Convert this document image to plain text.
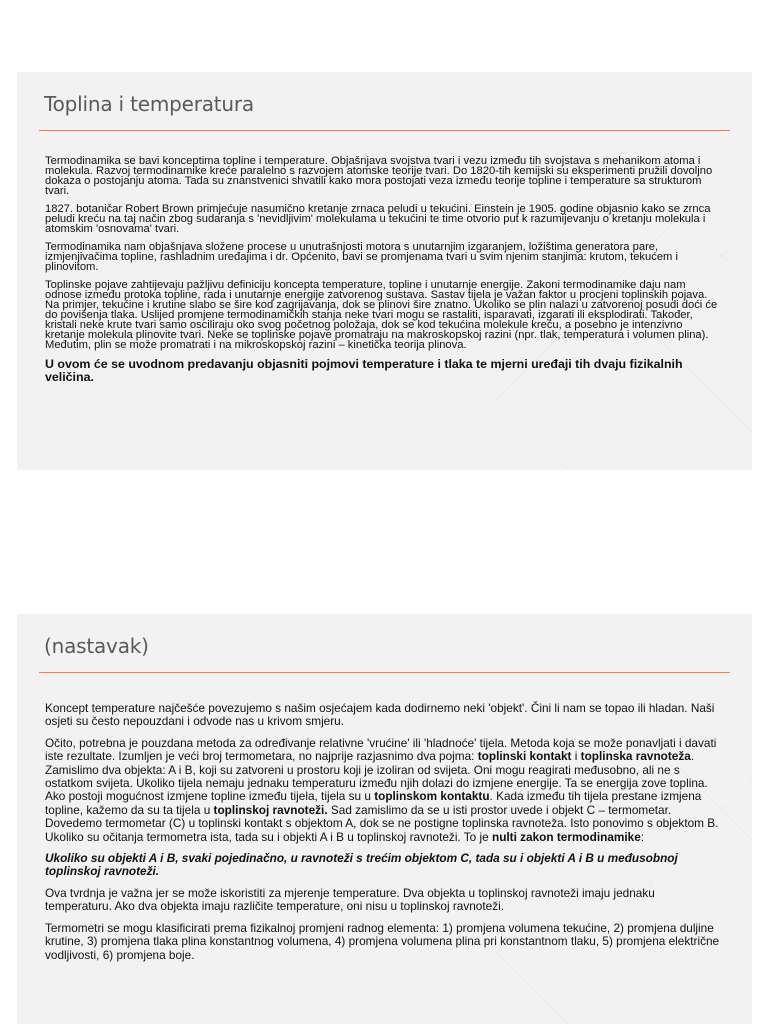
Toplina i temperatura

Termodinamika se bavi konceptima topline i temperature. Objašnjava svojstva tvari i vezu između tih svojstava s mehanikom atoma i molekula. Razvoj termodinamike kreće paralelno s razvojem atomske teorije tvari. Do 1820-tih kemijski su eksperimenti pružili dovoljno dokaza o postojanju atoma. Tada su znanstvenici shvatili kako mora postojati veza između teorije topline i temperature sa strukturom tvari.

1827. botaničar Robert Brown primjećuje nasumično kretanje zrnaca peludi u tekućini. Einstein je 1905. godine objasnio kako se zrnca peludi kreću na taj način zbog sudaranja s 'nevidljivim' molekulama u tekućini te time otvorio put k razumijevanju o kretanju molekula i atomskim 'osnovama' tvari.

Termodinamika nam objašnjava složene procese u unutrašnjosti motora s unutarnjim izgaranjem, ložištima generatora pare, izmjenjivačima topline, rashladnim uređajima i dr. Općenito, bavi se promjenama tvari u svim njenim stanjima: krutom, tekućem i plinovitom.

Toplinske pojave zahtijevaju pažljivu definiciju koncepta temperature, topline i unutarnje energije. Zakoni termodinamike daju nam odnose između protoka topline, rada i unutarnje energije zatvorenog sustava. Sastav tijela je važan faktor u procjeni toplinskih pojava. Na primjer, tekućine i krutine slabo se šire kod zagrijavanja, dok se plinovi šire znatno. Ukoliko se plin nalazi u zatvorenoj posudi doći će do povišenja tlaka. Uslijed promjene termodinamičkih stanja neke tvari mogu se rastaliti, isparavati, izgarati ili eksplodirati. Također, kristali neke krute tvari samo osciliraju oko svog početnog položaja, dok se kod tekućina molekule kreću, a posebno je intenzivno kretanje molekula plinovite tvari. Neke se toplinske pojave promatraju na makroskopskoj razini (npr. tlak, temperatura i volumen plina). Međutim, plin se može promatrati i na mikroskopskoj razini – kinetička teorija plinova.

U ovom će se uvodnom predavanju objasniti pojmovi temperature i tlaka te mjerni uređaji tih dvaju fizikalnih veličina.

(nastavak)

Koncept temperature najčešće povezujemo s našim osjećajem kada dodirnemo neki 'objekt'. Čini li nam se topao ili hladan. Naši osjeti su često nepouzdani i odvode nas u krivom smjeru.

Očito, potrebna je pouzdana metoda za određivanje relativne 'vrućine' ili 'hladnoće' tijela. Metoda koja se može ponavljati i davati iste rezultate. Izumljen je veći broj termometara, no najprije razjasnimo dva pojma: toplinski kontakt i toplinska ravnoteža. Zamislimo dva objekta: A i B, koji su zatvoreni u prostoru koji je izoliran od svijeta. Oni mogu reagirati međusobno, ali ne s ostatkom svijeta. Ukoliko tijela nemaju jednaku temperaturu između njih dolazi do izmjene energije. Ta se energija zove toplina. Ako postoji mogućnost izmjene topline između tijela, tijela su u toplinskom kontaktu. Kada između tih tijela prestane izmjena topline, kažemo da su ta tijela u toplinskoj ravnoteži. Sad zamislimo da se u isti prostor uvede i objekt C – termometar. Dovedemo termometar (C) u toplinski kontakt s objektom A, dok se ne postigne toplinska ravnoteža. Isto ponovimo s objektom B. Ukoliko su očitanja termometra ista, tada su i objekti A i B u toplinskoj ravnoteži. To je nulti zakon termodinamike:

Ukoliko su objekti A i B, svaki pojedinačno, u ravnoteži s trećim objektom C, tada su i objekti A i B u međusobnoj toplinskoj ravnoteži.

Ova tvrdnja je važna jer se može iskoristiti za mjerenje temperature. Dva objekta u toplinskoj ravnoteži imaju jednaku temperaturu. Ako dva objekta imaju različite temperature, oni nisu u toplinskoj ravnoteži.

Termometri se mogu klasificirati prema fizikalnoj promjeni radnog elementa: 1) promjena volumena tekućine, 2) promjena duljine krutine, 3) promjena tlaka plina konstantnog volumena, 4) promjena volumena plina pri konstantnom tlaku, 5) promjena električne vodljivosti, 6) promjena boje.
